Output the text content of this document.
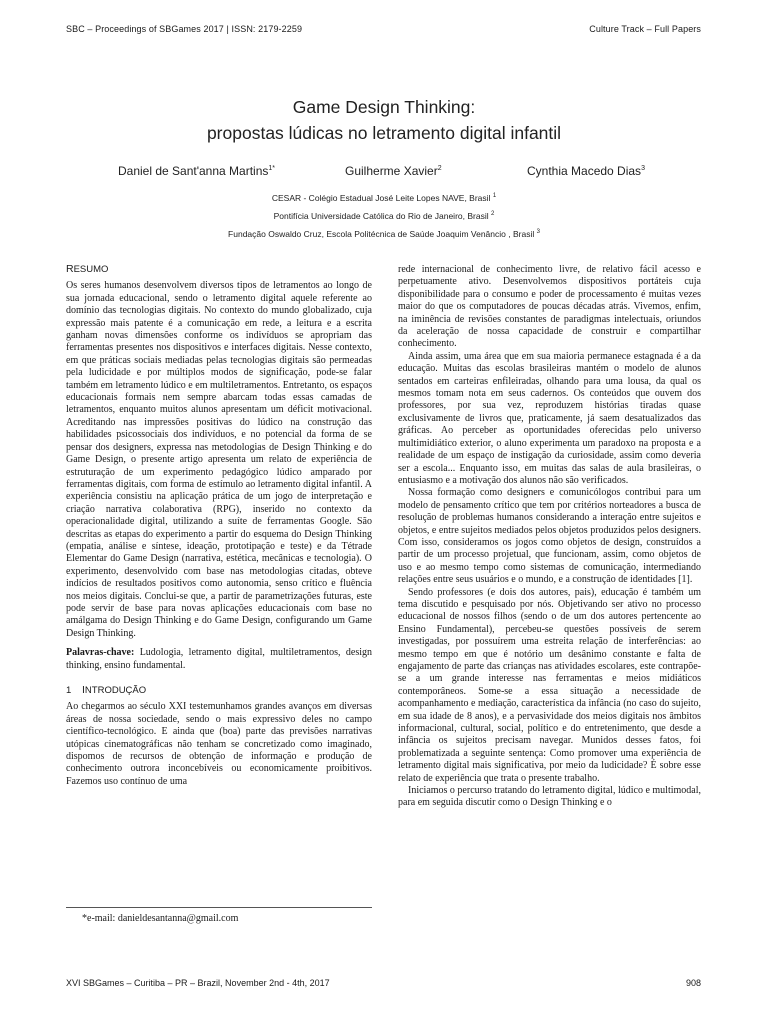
SBC – Proceedings of SBGames 2017 | ISSN: 2179-2259	Culture Track – Full Papers
Game Design Thinking:
propostas lúdicas no letramento digital infantil
Daniel de Sant'anna Martins$^{1*}$	Guilherme Xavier$^2$	Cynthia Macedo Dias$^3$
CESAR - Colégio Estadual José Leite Lopes NAVE, Brasil $^1$
Pontifícia Universidade Católica do Rio de Janeiro, Brasil $^2$
Fundação Oswaldo Cruz, Escola Politécnica de Saúde Joaquim Venâncio , Brasil $^3$
RESUMO

Os seres humanos desenvolvem diversos tipos de letramentos ao longo de sua jornada educacional, sendo o letramento digital aquele referente ao domínio das tecnologias digitais. No contexto do mundo globalizado, cuja expressão mais patente é a comunicação em rede, a leitura e a escrita ganham novas dimensões conforme os indivíduos se apropriam das ferramentas presentes nos dispositivos e interfaces digitais. Nesse contexto, em que práticas sociais mediadas pelas tecnologias digitais são permeadas pela ludicidade e por múltiplos modos de significação, pode-se falar também em letramento lúdico e em multiletramentos. Entretanto, os espaços educacionais formais nem sempre abarcam todas essas camadas de letramentos, enquanto muitos alunos apresentam um déficit motivacional. Acreditando nas impressões positivas do lúdico na construção das habilidades psicossociais dos indivíduos, e no potencial da forma de se pensar dos designers, expressa nas metodologias de Design Thinking e do Game Design, o presente artigo apresenta um relato de experiência de estruturação de um experimento pedagógico lúdico amparado por ferramentas digitais, com forma de estímulo ao letramento digital infantil. A experiência consistiu na aplicação prática de um jogo de interpretação e criação narrativa colaborativa (RPG), inserido no contexto da operacionalidade digital, utilizando a suíte de ferramentas Google. São descritas as etapas do experimento a partir do esquema do Design Thinking (empatia, análise e síntese, ideação, prototipação e teste) e da Tétrade Elementar do Game Design (narrativa, estética, mecânicas e tecnologia). O experimento, desenvolvido com base nas metodologias citadas, obteve indícios de resultados positivos como autonomia, senso crítico e fluência nos meios digitais. Conclui-se que, a partir de parametrizações futuras, este pode servir de base para novas aplicações educacionais com base no amálgama do Design Thinking e do Game Design, configurando um Game Design Thinking.

Palavras-chave: Ludologia, letramento digital, multiletramentos, design thinking, ensino fundamental.

1 INTRODUÇÃO

Ao chegarmos ao século XXI testemunhamos grandes avanços em diversas áreas de nossa sociedade, sendo o mais expressivo deles no campo científico-tecnológico. E ainda que (boa) parte das previsões narrativas utópicas cinematográficas não tenham se concretizado como imaginado, dispomos de recursos de obtenção de informação e produção de conhecimento outrora inconcebíveis ou economicamente proibitivos. Fazemos uso contínuo de uma

*e-mail: danieldesantanna@gmail.com

rede internacional de conhecimento livre, de relativo fácil acesso e perpetuamente ativo. Desenvolvemos dispositivos portáteis cuja disponibilidade para o consumo e poder de processamento é muitas vezes maior do que os computadores de poucas décadas atrás. Vivemos, enfim, na iminência de revisões constantes de paradigmas intelectuais, oriundos da aceleração de nossa capacidade de construir e compartilhar conhecimento.

Ainda assim, uma área que em sua maioria permanece estagnada é a da educação. Muitas das escolas brasileiras mantém o modelo de alunos sentados em carteiras enfileiradas, olhando para uma lousa, da qual os mesmos tomam nota em seus cadernos. Os conteúdos que ouvem dos professores, por sua vez, reproduzem histórias tiradas quase exclusivamente de livros que, praticamente, já saem desatualizados das gráficas. Ao perceber as oportunidades oferecidas pelo universo multimidiático exterior, o aluno experimenta um paradoxo na proposta e a realidade de um espaço de instigação da curiosidade, assim como deveria ser a escola... Enquanto isso, em muitas das salas de aula brasileiras, o entusiasmo e a motivação dos alunos não são verificados.

Nossa formação como designers e comunicólogos contribui para um modelo de pensamento crítico que tem por critérios norteadores a busca de resolução de problemas humanos considerando a interação entre sujeitos e objetos, e entre sujeitos mediados pelos objetos produzidos pelos designers. Com isso, consideramos os jogos como objetos de design, construídos a partir de um processo projetual, que funcionam, assim, como objetos de uso e ao mesmo tempo como sistemas de comunicação, intermediando relações entre seus usuários e o mundo, e a construção de identidades [1].

Sendo professores (e dois dos autores, pais), educação é também um tema discutido e pesquisado por nós. Objetivando ser ativo no processo educacional de nossos filhos (sendo o de um dos autores pertencente ao Ensino Fundamental), percebeu-se questões possíveis de serem investigadas, por possuírem uma estreita relação de interferências: ao mesmo tempo em que é notório um desânimo constante e falta de engajamento de parte das crianças nas atividades escolares, este contrapõe-se a um grande interesse nas ferramentas e meios midiáticos contemporâneos. Some-se a essa situação a necessidade de acompanhamento e mediação, característica da infância (no caso do sujeito, em sua idade de 8 anos), e a pervasividade dos meios digitais nos âmbitos informacional, cultural, social, político e do entretenimento, que desde a infância os sujeitos precisam navegar. Munidos desses fatos, foi problematizada a seguinte sentença: Como promover uma experiência de letramento digital mais significativa, por meio da ludicidade? É sobre esse relato de experiência que trata o presente trabalho.

Iniciamos o percurso tratando do letramento digital, lúdico e multimodal, para em seguida discutir como o Design Thinking e o

XVI SBGames – Curitiba – PR – Brazil, November 2nd - 4th, 2017	908
